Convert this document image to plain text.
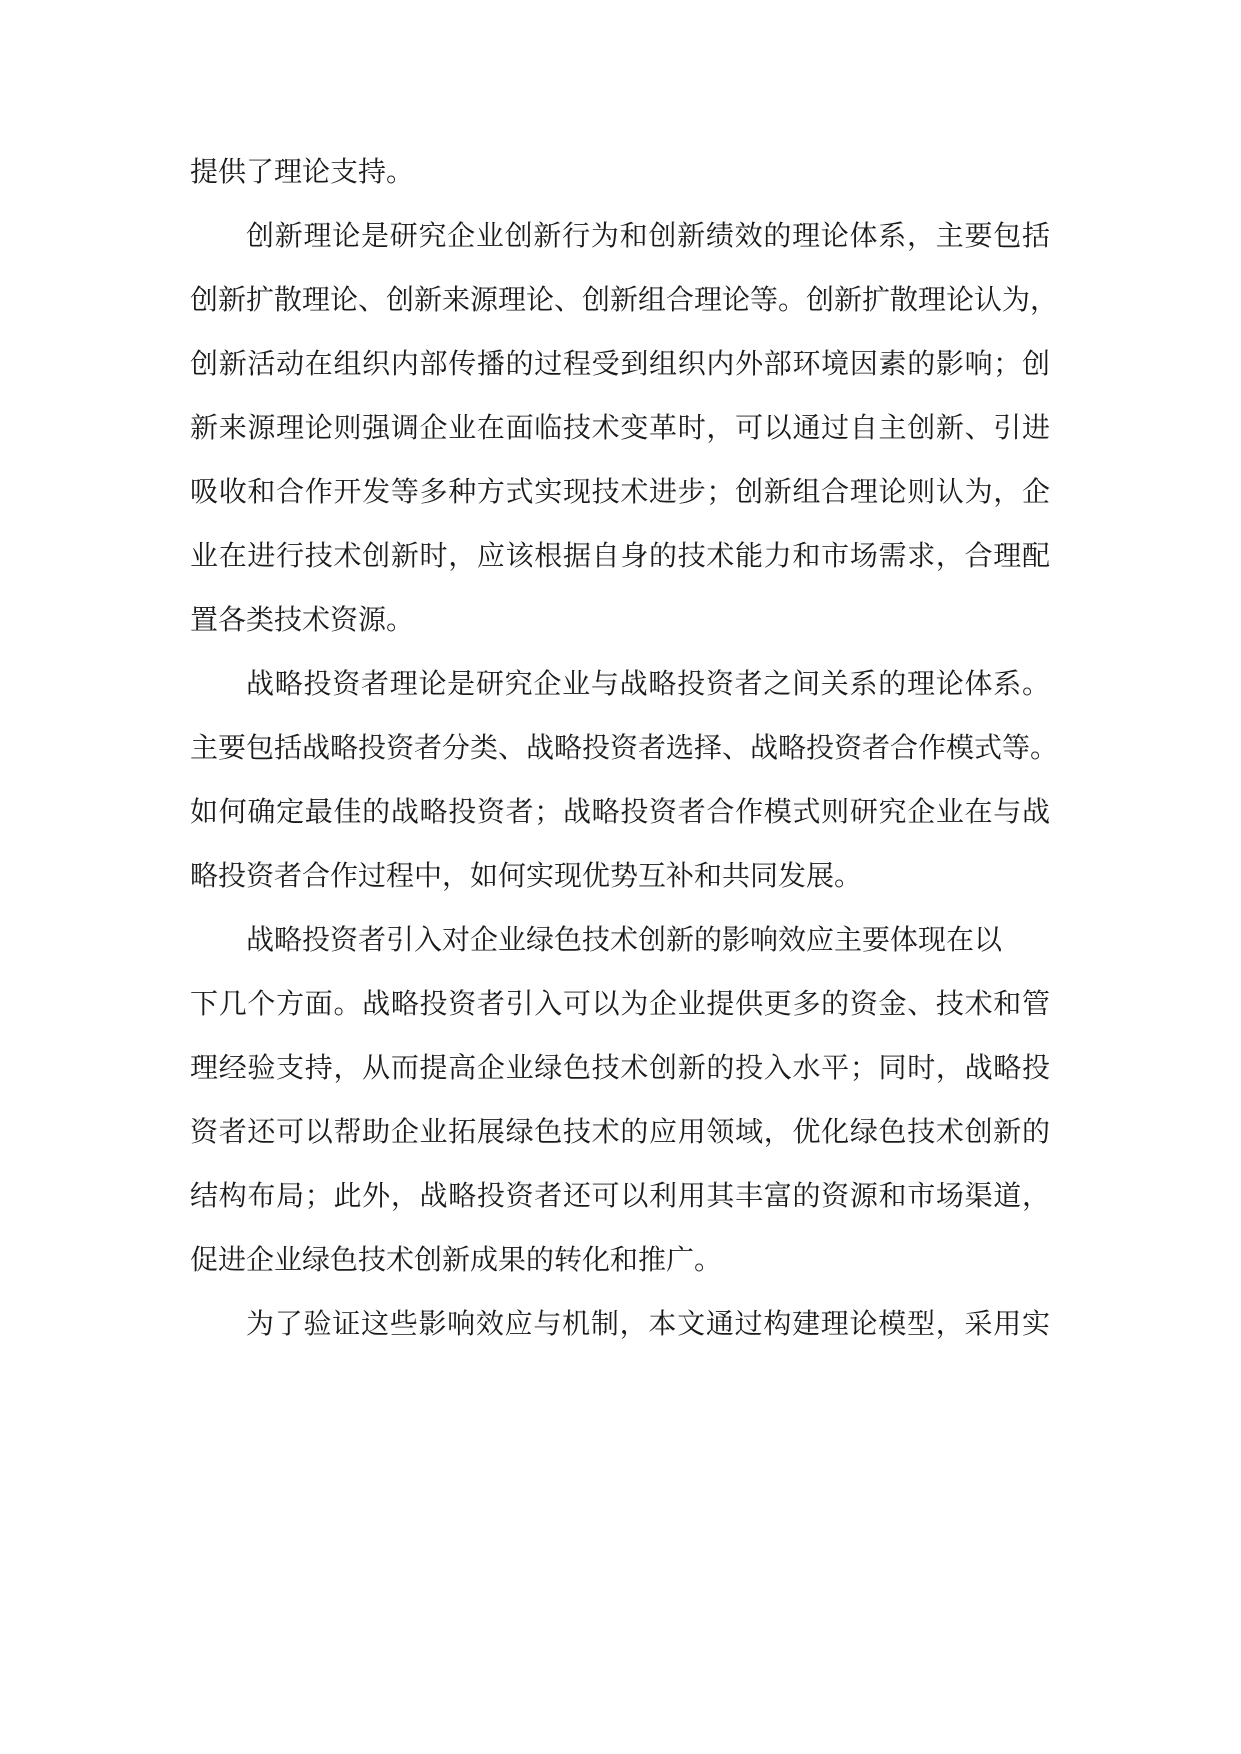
提供了理论支持。
创新理论是研究企业创新行为和创新绩效的理论体系，主要包括
创新扩散理论、创新来源理论、创新组合理论等。创新扩散理论认为，
创新活动在组织内部传播的过程受到组织内外部环境因素的影响；创
新来源理论则强调企业在面临技术变革时，可以通过自主创新、引进
吸收和合作开发等多种方式实现技术进步；创新组合理论则认为，企
业在进行技术创新时，应该根据自身的技术能力和市场需求，合理配
置各类技术资源。
战略投资者理论是研究企业与战略投资者之间关系的理论体系。
主要包括战略投资者分类、战略投资者选择、战略投资者合作模式等。
如何确定最佳的战略投资者；战略投资者合作模式则研究企业在与战
略投资者合作过程中，如何实现优势互补和共同发展。
战略投资者引入对企业绿色技术创新的影响效应主要体现在以
下几个方面。战略投资者引入可以为企业提供更多的资金、技术和管
理经验支持，从而提高企业绿色技术创新的投入水平；同时，战略投
资者还可以帮助企业拓展绿色技术的应用领域，优化绿色技术创新的
结构布局；此外，战略投资者还可以利用其丰富的资源和市场渠道，
促进企业绿色技术创新成果的转化和推广。
为了验证这些影响效应与机制，本文通过构建理论模型，采用实
